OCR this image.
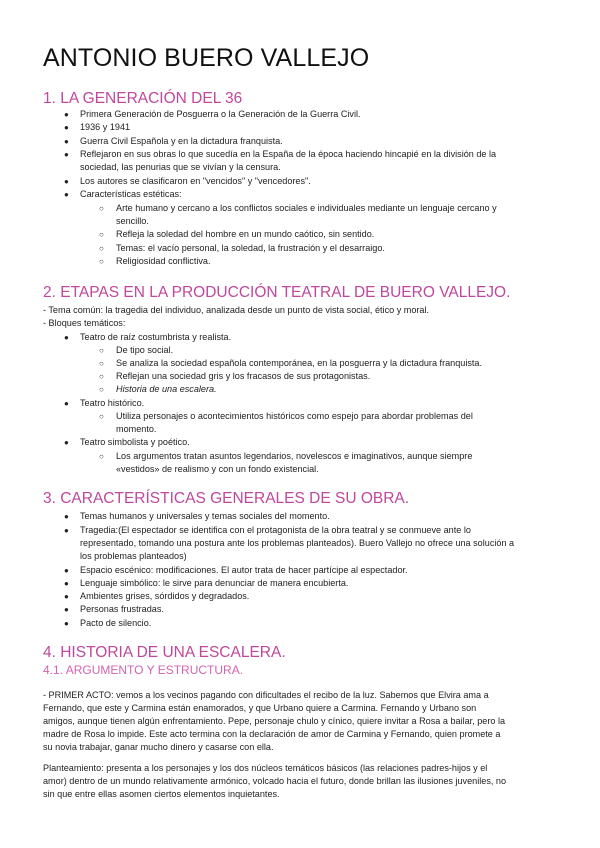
ANTONIO BUERO VALLEJO
1. LA GENERACIÓN DEL 36
● Primera Generación de Posguerra o la Generación de la Guerra Civil.
● 1936 y 1941
● Guerra Civil Española y en la dictadura franquista.
● Reflejaron en sus obras lo que sucedía en la España de la época haciendo hincapié en la división de la
sociedad, las penurias que se vivían y la censura.
● Los autores se clasificaron en "vencidos" y "vencedores".
● Características estéticas:
○ Arte humano y cercano a los conflictos sociales e individuales mediante un lenguaje cercano y
sencillo.
○ Refleja la soledad del hombre en un mundo caótico, sin sentido.
○ Temas: el vacío personal, la soledad, la frustración y el desarraigo.
○ Religiosidad conflictiva.
2. ETAPAS EN LA PRODUCCIÓN TEATRAL DE BUERO VALLEJO.
- Tema común: la tragedia del individuo, analizada desde un punto de vista social, ético y moral.
- Bloques temáticos:
● Teatro de raíz costumbrista y realista.
○ De tipo social.
○ Se analiza la sociedad española contemporánea, en la posguerra y la dictadura franquista.
○ Reflejan una sociedad gris y los fracasos de sus protagonistas.
○ Historia de una escalera.
● Teatro histórico.
○ Utiliza personajes o acontecimientos históricos como espejo para abordar problemas del
momento.
● Teatro simbolista y poético.
○ Los argumentos tratan asuntos legendarios, novelescos e imaginativos, aunque siempre
«vestidos» de realismo y con un fondo existencial.
3. CARACTERÍSTICAS GENERALES DE SU OBRA.
● Temas humanos y universales y temas sociales del momento.
● Tragedia:(El espectador se identifica con el protagonista de la obra teatral y se conmueve ante lo
representado, tomando una postura ante los problemas planteados). Buero Vallejo no ofrece una solución a
los problemas planteados)
● Espacio escénico: modificaciones. El autor trata de hacer partícipe al espectador.
● Lenguaje simbólico: le sirve para denunciar de manera encubierta.
● Ambientes grises, sórdidos y degradados.
● Personas frustradas.
● Pacto de silencio.
4. HISTORIA DE UNA ESCALERA.
4.1. ARGUMENTO Y ESTRUCTURA.
- PRIMER ACTO: vemos a los vecinos pagando con dificultades el recibo de la luz. Sabemos que Elvira ama a
Fernando, que este y Carmina están enamorados, y que Urbano quiere a Carmina. Fernando y Urbano son
amigos, aunque tienen algún enfrentamiento. Pepe, personaje chulo y cínico, quiere invitar a Rosa a bailar, pero la
madre de Rosa lo impide. Este acto termina con la declaración de amor de Carmina y Fernando, quien promete a
su novia trabajar, ganar mucho dinero y casarse con ella.
Planteamiento: presenta a los personajes y los dos núcleos temáticos básicos (las relaciones padres-hijos y el
amor) dentro de un mundo relativamente armónico, volcado hacia el futuro, donde brillan las ilusiones juveniles, no
sin que entre ellas asomen ciertos elementos inquietantes.
